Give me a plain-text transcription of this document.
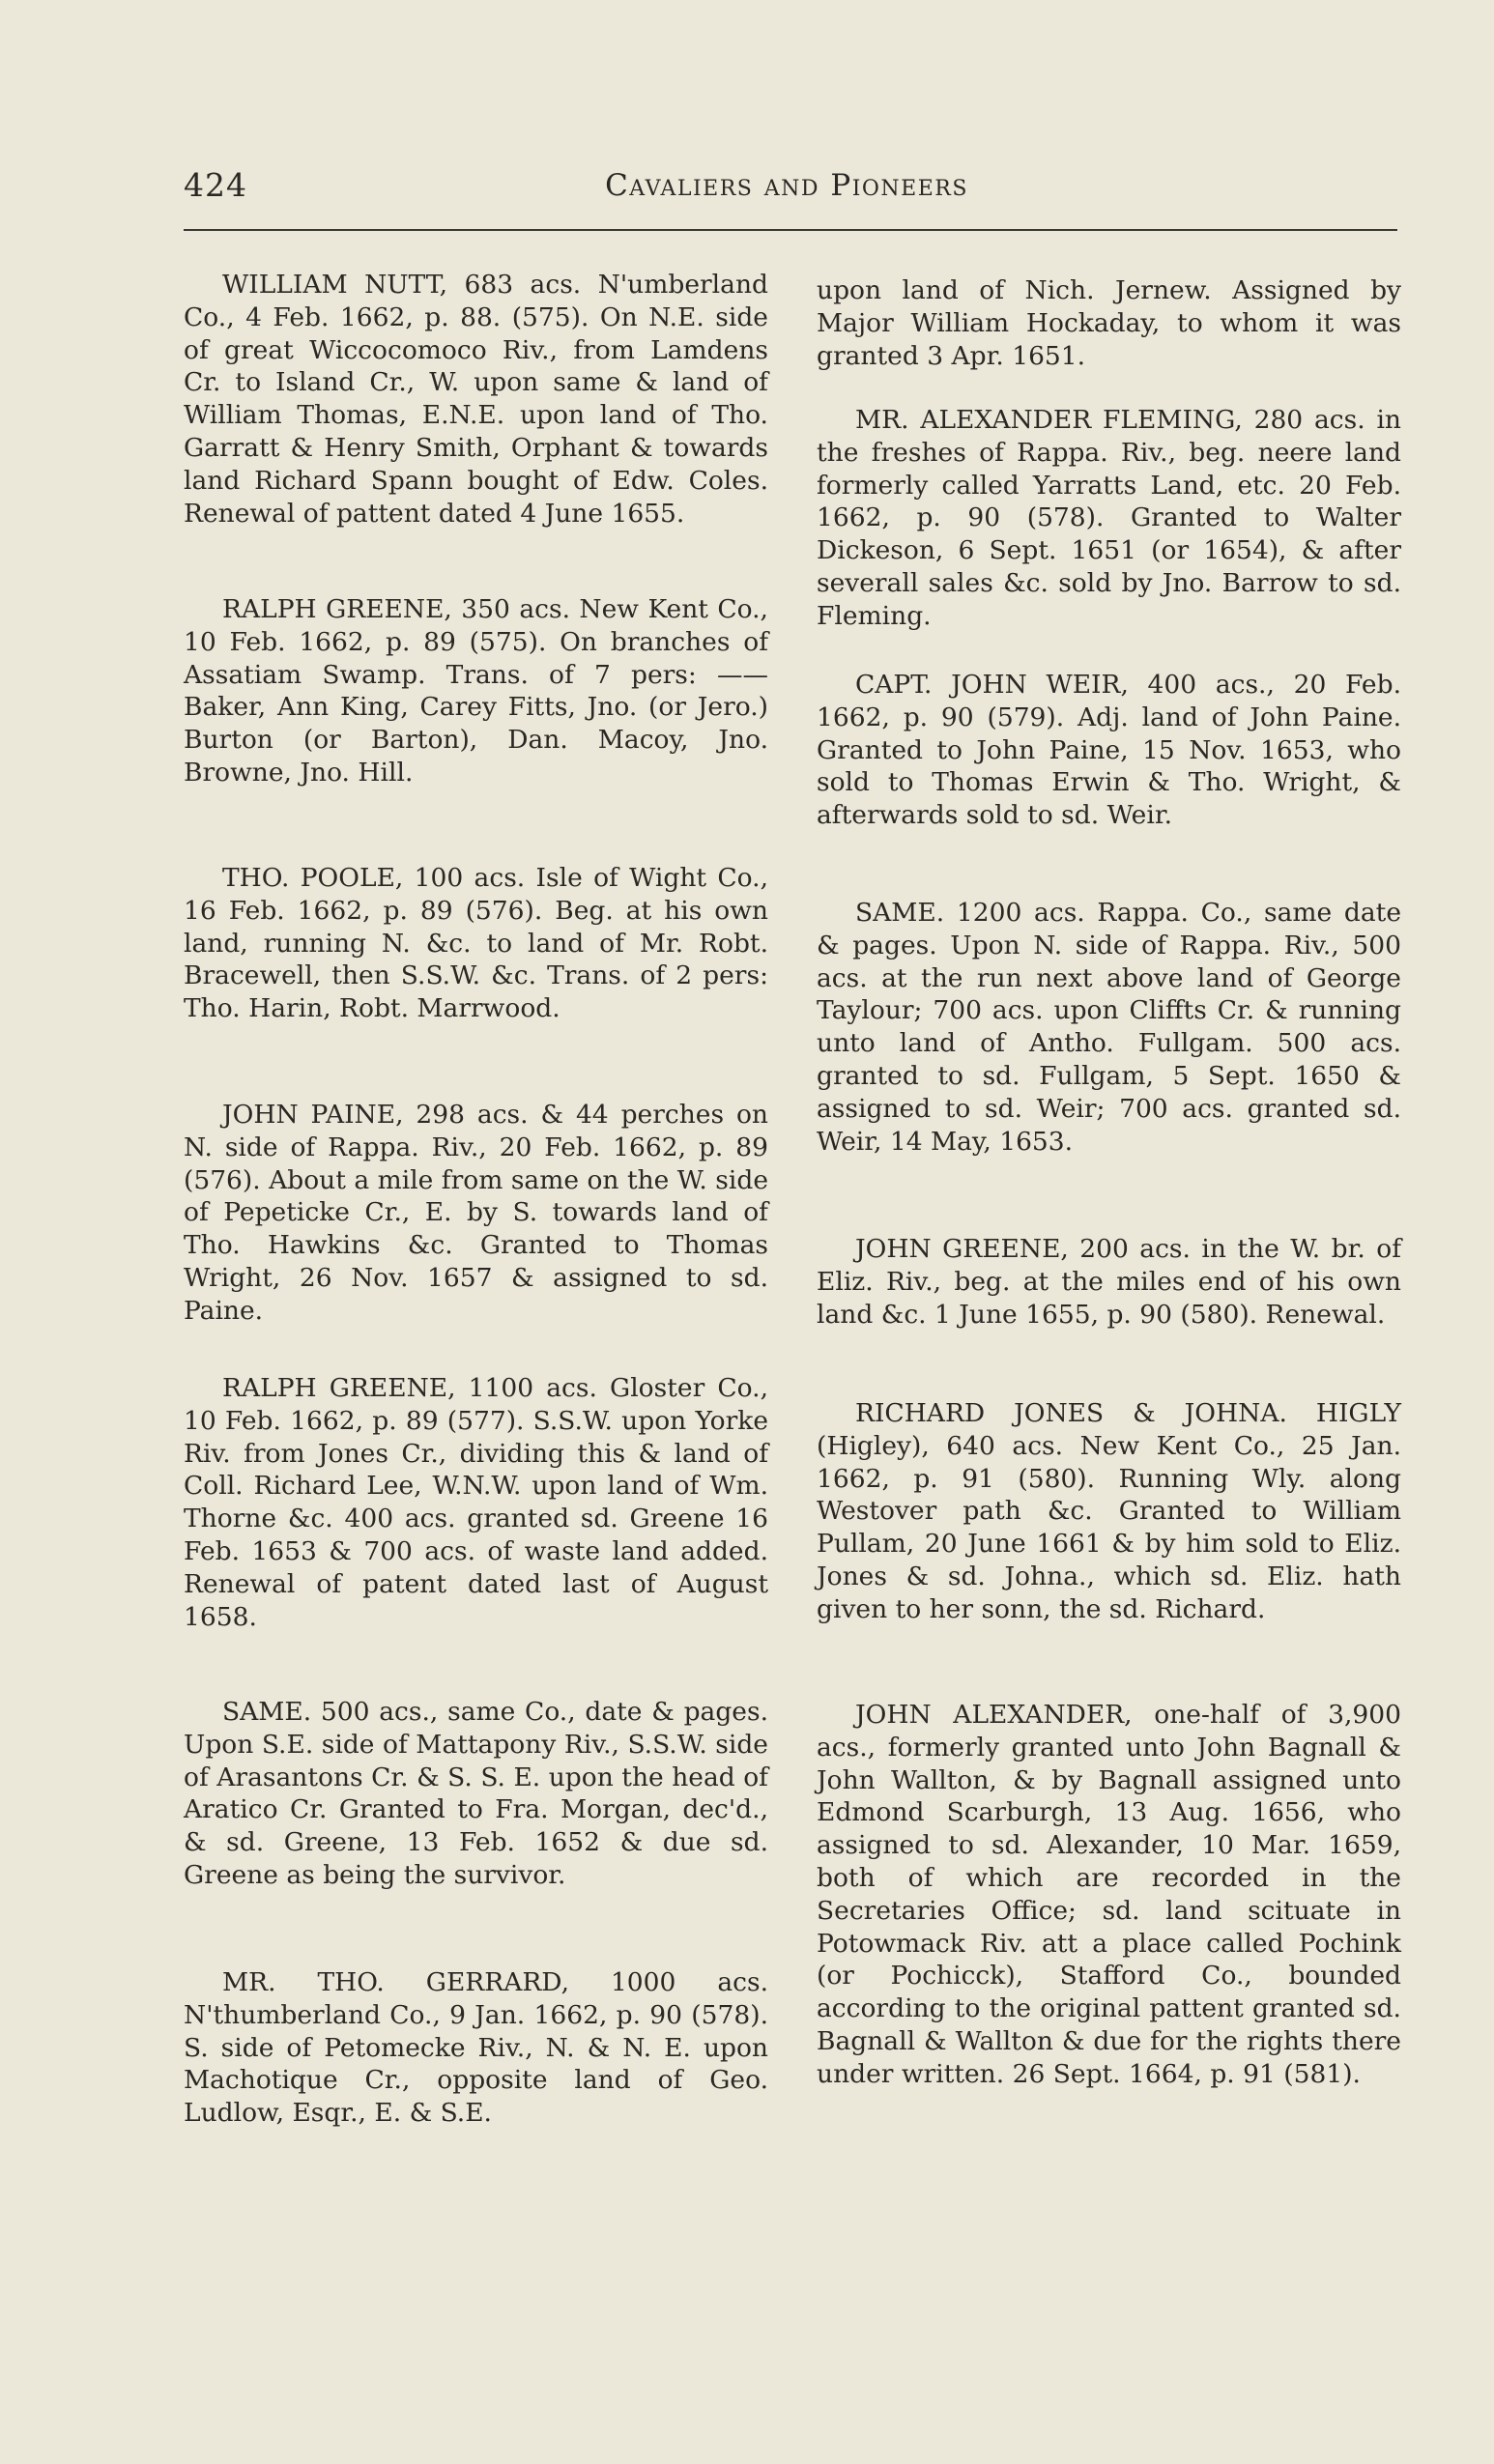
424	Cavaliers and Pioneers
WILLIAM NUTT, 683 acs. N'umberland Co., 4 Feb. 1662, p. 88. (575). On N.E. side of great Wiccocomoco Riv., from Lamdens Cr. to Island Cr., W. upon same & land of William Thomas, E.N.E. upon land of Tho. Garratt & Henry Smith, Orphant & towards land Richard Spann bought of Edw. Coles. Renewal of pattent dated 4 June 1655.
RALPH GREENE, 350 acs. New Kent Co., 10 Feb. 1662, p. 89 (575). On branches of Assatiam Swamp. Trans. of 7 pers: —— Baker, Ann King, Carey Fitts, Jno. (or Jero.) Burton (or Barton), Dan. Macoy, Jno. Browne, Jno. Hill.
THO. POOLE, 100 acs. Isle of Wight Co., 16 Feb. 1662, p. 89 (576). Beg. at his own land, running N. &c. to land of Mr. Robt. Bracewell, then S.S.W. &c. Trans. of 2 pers: Tho. Harin, Robt. Marrwood.
JOHN PAINE, 298 acs. & 44 perches on N. side of Rappa. Riv., 20 Feb. 1662, p. 89 (576). About a mile from same on the W. side of Pepeticke Cr., E. by S. towards land of Tho. Hawkins &c. Granted to Thomas Wright, 26 Nov. 1657 & assigned to sd. Paine.
RALPH GREENE, 1100 acs. Gloster Co., 10 Feb. 1662, p. 89 (577). S.S.W. upon Yorke Riv. from Jones Cr., dividing this & land of Coll. Richard Lee, W.N.W. upon land of Wm. Thorne &c. 400 acs. granted sd. Greene 16 Feb. 1653 & 700 acs. of waste land added. Renewal of patent dated last of August 1658.
SAME. 500 acs., same Co., date & pages. Upon S.E. side of Mattapony Riv., S.S.W. side of Arasantons Cr. & S. S. E. upon the head of Aratico Cr. Granted to Fra. Morgan, dec'd., & sd. Greene, 13 Feb. 1652 & due sd. Greene as being the survivor.
MR. THO. GERRARD, 1000 acs. N'thumberland Co., 9 Jan. 1662, p. 90 (578). S. side of Petomecke Riv., N. & N. E. upon Machotique Cr., opposite land of Geo. Ludlow, Esqr., E. & S.E.
upon land of Nich. Jernew. Assigned by Major William Hockaday, to whom it was granted 3 Apr. 1651.
MR. ALEXANDER FLEMING, 280 acs. in the freshes of Rappa. Riv., beg. neere land formerly called Yarratts Land, etc. 20 Feb. 1662, p. 90 (578). Granted to Walter Dickeson, 6 Sept. 1651 (or 1654), & after severall sales &c. sold by Jno. Barrow to sd. Fleming.
CAPT. JOHN WEIR, 400 acs., 20 Feb. 1662, p. 90 (579). Adj. land of John Paine. Granted to John Paine, 15 Nov. 1653, who sold to Thomas Erwin & Tho. Wright, & afterwards sold to sd. Weir.
SAME. 1200 acs. Rappa. Co., same date & pages. Upon N. side of Rappa. Riv., 500 acs. at the run next above land of George Taylour; 700 acs. upon Cliffts Cr. & running unto land of Antho. Fullgam. 500 acs. granted to sd. Fullgam, 5 Sept. 1650 & assigned to sd. Weir; 700 acs. granted sd. Weir, 14 May, 1653.
JOHN GREENE, 200 acs. in the W. br. of Eliz. Riv., beg. at the miles end of his own land &c. 1 June 1655, p. 90 (580). Renewal.
RICHARD JONES & JOHNA. HIGLY (Higley), 640 acs. New Kent Co., 25 Jan. 1662, p. 91 (580). Running Wly. along Westover path &c. Granted to William Pullam, 20 June 1661 & by him sold to Eliz. Jones & sd. Johna., which sd. Eliz. hath given to her sonn, the sd. Richard.
JOHN ALEXANDER, one-half of 3,900 acs., formerly granted unto John Bagnall & John Wallton, & by Bagnall assigned unto Edmond Scarburgh, 13 Aug. 1656, who assigned to sd. Alexander, 10 Mar. 1659, both of which are recorded in the Secretaries Office; sd. land scituate in Potowmack Riv. att a place called Pochink (or Pochicck), Stafford Co., bounded according to the original pattent granted sd. Bagnall & Wallton & due for the rights there under written. 26 Sept. 1664, p. 91 (581).
